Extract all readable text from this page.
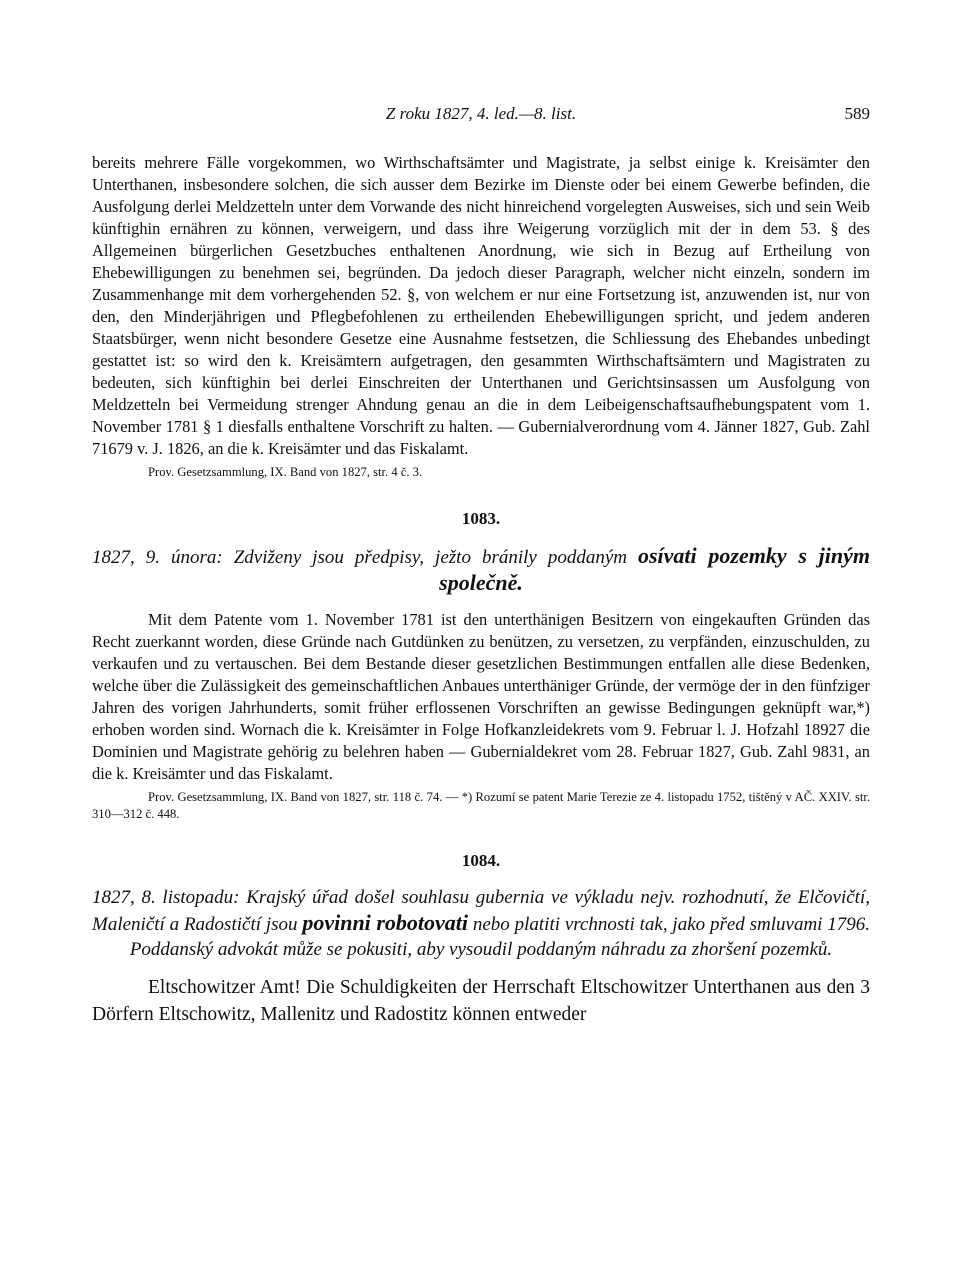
Z roku 1827, 4. led.—8. list.	589

bereits mehrere Fälle vorgekommen, wo Wirthschaftsämter und Magistrate, ja selbst einige k. Kreisämter den Unterthanen, insbesondere solchen, die sich ausser dem Bezirke im Dienste oder bei einem Gewerbe befinden, die Ausfolgung derlei Meldzetteln unter dem Vorwande des nicht hinreichend vorgelegten Ausweises, sich und sein Weib künftighin ernähren zu können, verweigern, und dass ihre Weigerung vorzüglich mit der in dem 53. § des Allgemeinen bürgerlichen Gesetzbuches enthaltenen Anordnung, wie sich in Bezug auf Ertheilung von Ehebewilligungen zu benehmen sei, begründen. Da jedoch dieser Paragraph, welcher nicht einzeln, sondern im Zusammenhange mit dem vorhergehenden 52. §, von welchem er nur eine Fortsetzung ist, anzuwenden ist, nur von den, den Minderjährigen und Pflegbefohlenen zu ertheilenden Ehebewilligungen spricht, und jedem anderen Staatsbürger, wenn nicht besondere Gesetze eine Ausnahme festsetzen, die Schliessung des Ehebandes unbedingt gestattet ist: so wird den k. Kreisämtern aufgetragen, den gesammten Wirthschaftsämtern und Magistraten zu bedeuten, sich künftighin bei derlei Einschreiten der Unterthanen und Gerichtsinsassen um Ausfolgung von Meldzetteln bei Vermeidung strenger Ahndung genau an die in dem Leibeigenschaftsaufhebungspatent vom 1. November 1781 § 1 diesfalls enthaltene Vorschrift zu halten. — Gubernialverordnung vom 4. Jänner 1827, Gub. Zahl 71679 v. J. 1826, an die k. Kreisämter und das Fiskalamt.

Prov. Gesetzsammlung, IX. Band von 1827, str. 4 č. 3.

1083.

1827, 9. února: Zdviženy jsou předpisy, ježto bránily poddaným osívati pozemky s jiným společně.

Mit dem Patente vom 1. November 1781 ist den unterthänigen Besitzern von eingekauften Gründen das Recht zuerkannt worden, diese Gründe nach Gutdünken zu benützen, zu versetzen, zu verpfänden, einzuschulden, zu verkaufen und zu vertauschen. Bei dem Bestande dieser gesetzlichen Bestimmungen entfallen alle diese Bedenken, welche über die Zulässigkeit des gemeinschaftlichen Anbaues unterthäniger Gründe, der vermöge der in den fünfziger Jahren des vorigen Jahrhunderts, somit früher erflossenen Vorschriften an gewisse Bedingungen geknüpft war,*) erhoben worden sind. Wornach die k. Kreisämter in Folge Hofkanzleidekrets vom 9. Februar l. J. Hofzahl 18927 die Dominien und Magistrate gehörig zu belehren haben — Gubernialdekret vom 28. Februar 1827, Gub. Zahl 9831, an die k. Kreisämter und das Fiskalamt.

Prov. Gesetzsammlung, IX. Band von 1827, str. 118 č. 74. — *) Rozumí se patent Marie Terezie ze 4. listopadu 1752, tištěný v AČ. XXIV. str. 310—312 č. 448.

1084.

1827, 8. listopadu: Krajský úřad došel souhlasu gubernia ve výkladu nejv. rozhodnutí, že Elčovičtí, Maleničtí a Radostičtí jsou povinni robotovati nebo platiti vrchnosti tak, jako před smluvami 1796. Poddanský advokát může se pokusiti, aby vysoudil poddaným náhradu za zhoršení pozemků.

Eltschowitzer Amt! Die Schuldigkeiten der Herrschaft Eltschowitzer Unterthanen aus den 3 Dörfern Eltschowitz, Mallenitz und Radostitz können entweder
